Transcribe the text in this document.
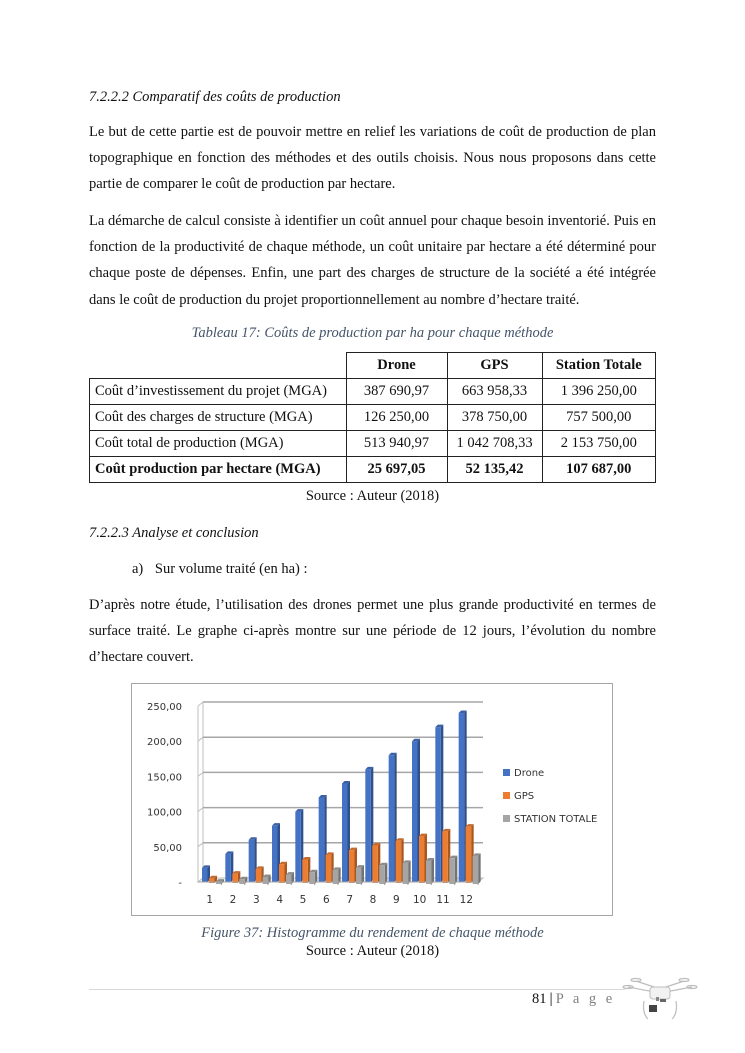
7.2.2.2 Comparatif des coûts de production

Le but de cette partie est de pouvoir mettre en relief les variations de coût de production de plan topographique en fonction des méthodes et des outils choisis. Nous nous proposons dans cette partie de comparer le coût de production par hectare.

La démarche de calcul consiste à identifier un coût annuel pour chaque besoin inventorié. Puis en fonction de la productivité de chaque méthode, un coût unitaire par hectare a été déterminé pour chaque poste de dépenses. Enfin, une part des charges de structure de la société a été intégrée dans le coût de production du projet proportionnellement au nombre d’hectare traité.

Tableau 17: Coûts de production par ha pour chaque méthode
	Drone	GPS	Station Totale
Coût d’investissement du projet (MGA)	387 690,97	663 958,33	1 396 250,00
Coût des charges de structure (MGA)	126 250,00	378 750,00	757 500,00
Coût total de production (MGA)	513 940,97	1 042 708,33	2 153 750,00
Coût production par hectare (MGA)	25 697,05	52 135,42	107 687,00
Source : Auteur (2018)
7.2.2.3 Analyse et conclusion
a) Sur volume traité (en ha) :

D’après notre étude, l’utilisation des drones permet une plus grande productivité en termes de surface traité. Le graphe ci-après montre sur une période de 12 jours, l’évolution du nombre d’hectare couvert.

-
50,00
100,00
150,00
200,00
250,00
1 2 3 4 5 6 7 8 9 10 11 12
Drone
GPS
STATION TOTALE
Figure 37: Histogramme du rendement de chaque méthode
Source : Auteur (2018)
81 | P a g e
